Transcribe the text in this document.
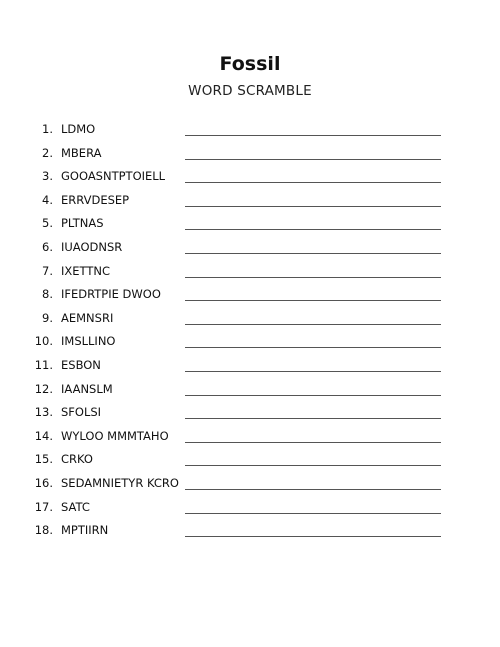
Fossil
WORD SCRAMBLE
1. LDMO
2. MBERA
3. GOOASNTPTOIELL
4. ERRVDESEP
5. PLTNAS
6. IUAODNSR
7. IXETTNC
8. IFEDRTPIE DWOO
9. AEMNSRI
10. IMSLLINO
11. ESBON
12. IAANSLM
13. SFOLSI
14. WYLOO MMMTAHO
15. CRKO
16. SEDAMNIETYR KCRO
17. SATC
18. MPTIIRN
